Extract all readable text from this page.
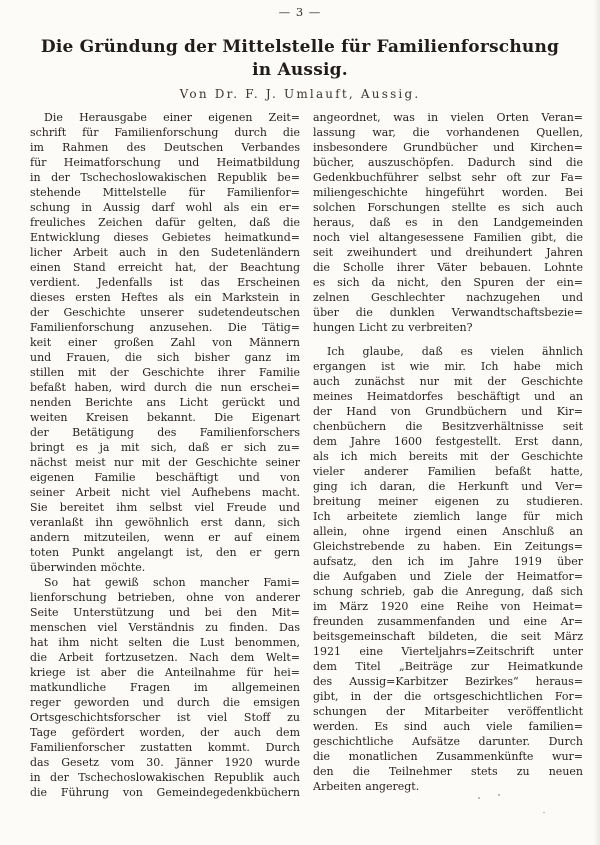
— 3 —
Die Gründung der Mittelstelle für Familienforschung
in Aussig.
Von Dr. F. J. Umlauft, Aussig.
Die Herausgabe einer eigenen Zeit=
schrift für Familienforschung durch die
im Rahmen des Deutschen Verbandes
für Heimatforschung und Heimatbildung
in der Tschechoslowakischen Republik be=
stehende Mittelstelle für Familienfor=
schung in Aussig darf wohl als ein er=
freuliches Zeichen dafür gelten, daß die
Entwicklung dieses Gebietes heimatkund=
licher Arbeit auch in den Sudetenländern
einen Stand erreicht hat, der Beachtung
verdient. Jedenfalls ist das Erscheinen
dieses ersten Heftes als ein Markstein in
der Geschichte unserer sudetendeutschen
Familienforschung anzusehen. Die Tätig=
keit einer großen Zahl von Männern
und Frauen, die sich bisher ganz im
stillen mit der Geschichte ihrer Familie
befaßt haben, wird durch die nun erschei=
nenden Berichte ans Licht gerückt und
weiten Kreisen bekannt. Die Eigenart
der Betätigung des Familienforschers
bringt es ja mit sich, daß er sich zu=
nächst meist nur mit der Geschichte seiner
eigenen Familie beschäftigt und von
seiner Arbeit nicht viel Aufhebens macht.
Sie bereitet ihm selbst viel Freude und
veranlaßt ihn gewöhnlich erst dann, sich
andern mitzuteilen, wenn er auf einem
toten Punkt angelangt ist, den er gern
überwinden möchte.
So hat gewiß schon mancher Fami=
lienforschung betrieben, ohne von anderer
Seite Unterstützung und bei den Mit=
menschen viel Verständnis zu finden. Das
hat ihm nicht selten die Lust benommen,
die Arbeit fortzusetzen. Nach dem Welt=
kriege ist aber die Anteilnahme für hei=
matkundliche Fragen im allgemeinen
reger geworden und durch die emsigen
Ortsgeschichtsforscher ist viel Stoff zu
Tage gefördert worden, der auch dem
Familienforscher zustatten kommt. Durch
das Gesetz vom 30. Jänner 1920 wurde
in der Tschechoslowakischen Republik auch
die Führung von Gemeindegedenkbüchern
angeordnet, was in vielen Orten Veran=
lassung war, die vorhandenen Quellen,
insbesondere Grundbücher und Kirchen=
bücher, auszuschöpfen. Dadurch sind die
Gedenkbuchführer selbst sehr oft zur Fa=
miliengeschichte hingeführt worden. Bei
solchen Forschungen stellte es sich auch
heraus, daß es in den Landgemeinden
noch viel altangesessene Familien gibt, die
seit zweihundert und dreihundert Jahren
die Scholle ihrer Väter bebauen. Lohnte
es sich da nicht, den Spuren der ein=
zelnen Geschlechter nachzugehen und
über die dunklen Verwandtschaftsbezie=
hungen Licht zu verbreiten?
Ich glaube, daß es vielen ähnlich
ergangen ist wie mir. Ich habe mich
auch zunächst nur mit der Geschichte
meines Heimatdorfes beschäftigt und an
der Hand von Grundbüchern und Kir=
chenbüchern die Besitzverhältnisse seit
dem Jahre 1600 festgestellt. Erst dann,
als ich mich bereits mit der Geschichte
vieler anderer Familien befaßt hatte,
ging ich daran, die Herkunft und Ver=
breitung meiner eigenen zu studieren.
Ich arbeitete ziemlich lange für mich
allein, ohne irgend einen Anschluß an
Gleichstrebende zu haben. Ein Zeitungs=
aufsatz, den ich im Jahre 1919 über
die Aufgaben und Ziele der Heimatfor=
schung schrieb, gab die Anregung, daß sich
im März 1920 eine Reihe von Heimat=
freunden zusammenfanden und eine Ar=
beitsgemeinschaft bildeten, die seit März
1921 eine Vierteljahrs=Zeitschrift unter
dem Titel „Beiträge zur Heimatkunde
des Aussig=Karbitzer Bezirkes“ heraus=
gibt, in der die ortsgeschichtlichen For=
schungen der Mitarbeiter veröffentlicht
werden. Es sind auch viele familien=
geschichtliche Aufsätze darunter. Durch
die monatlichen Zusammenkünfte wur=
den die Teilnehmer stets zu neuen
Arbeiten angeregt.
